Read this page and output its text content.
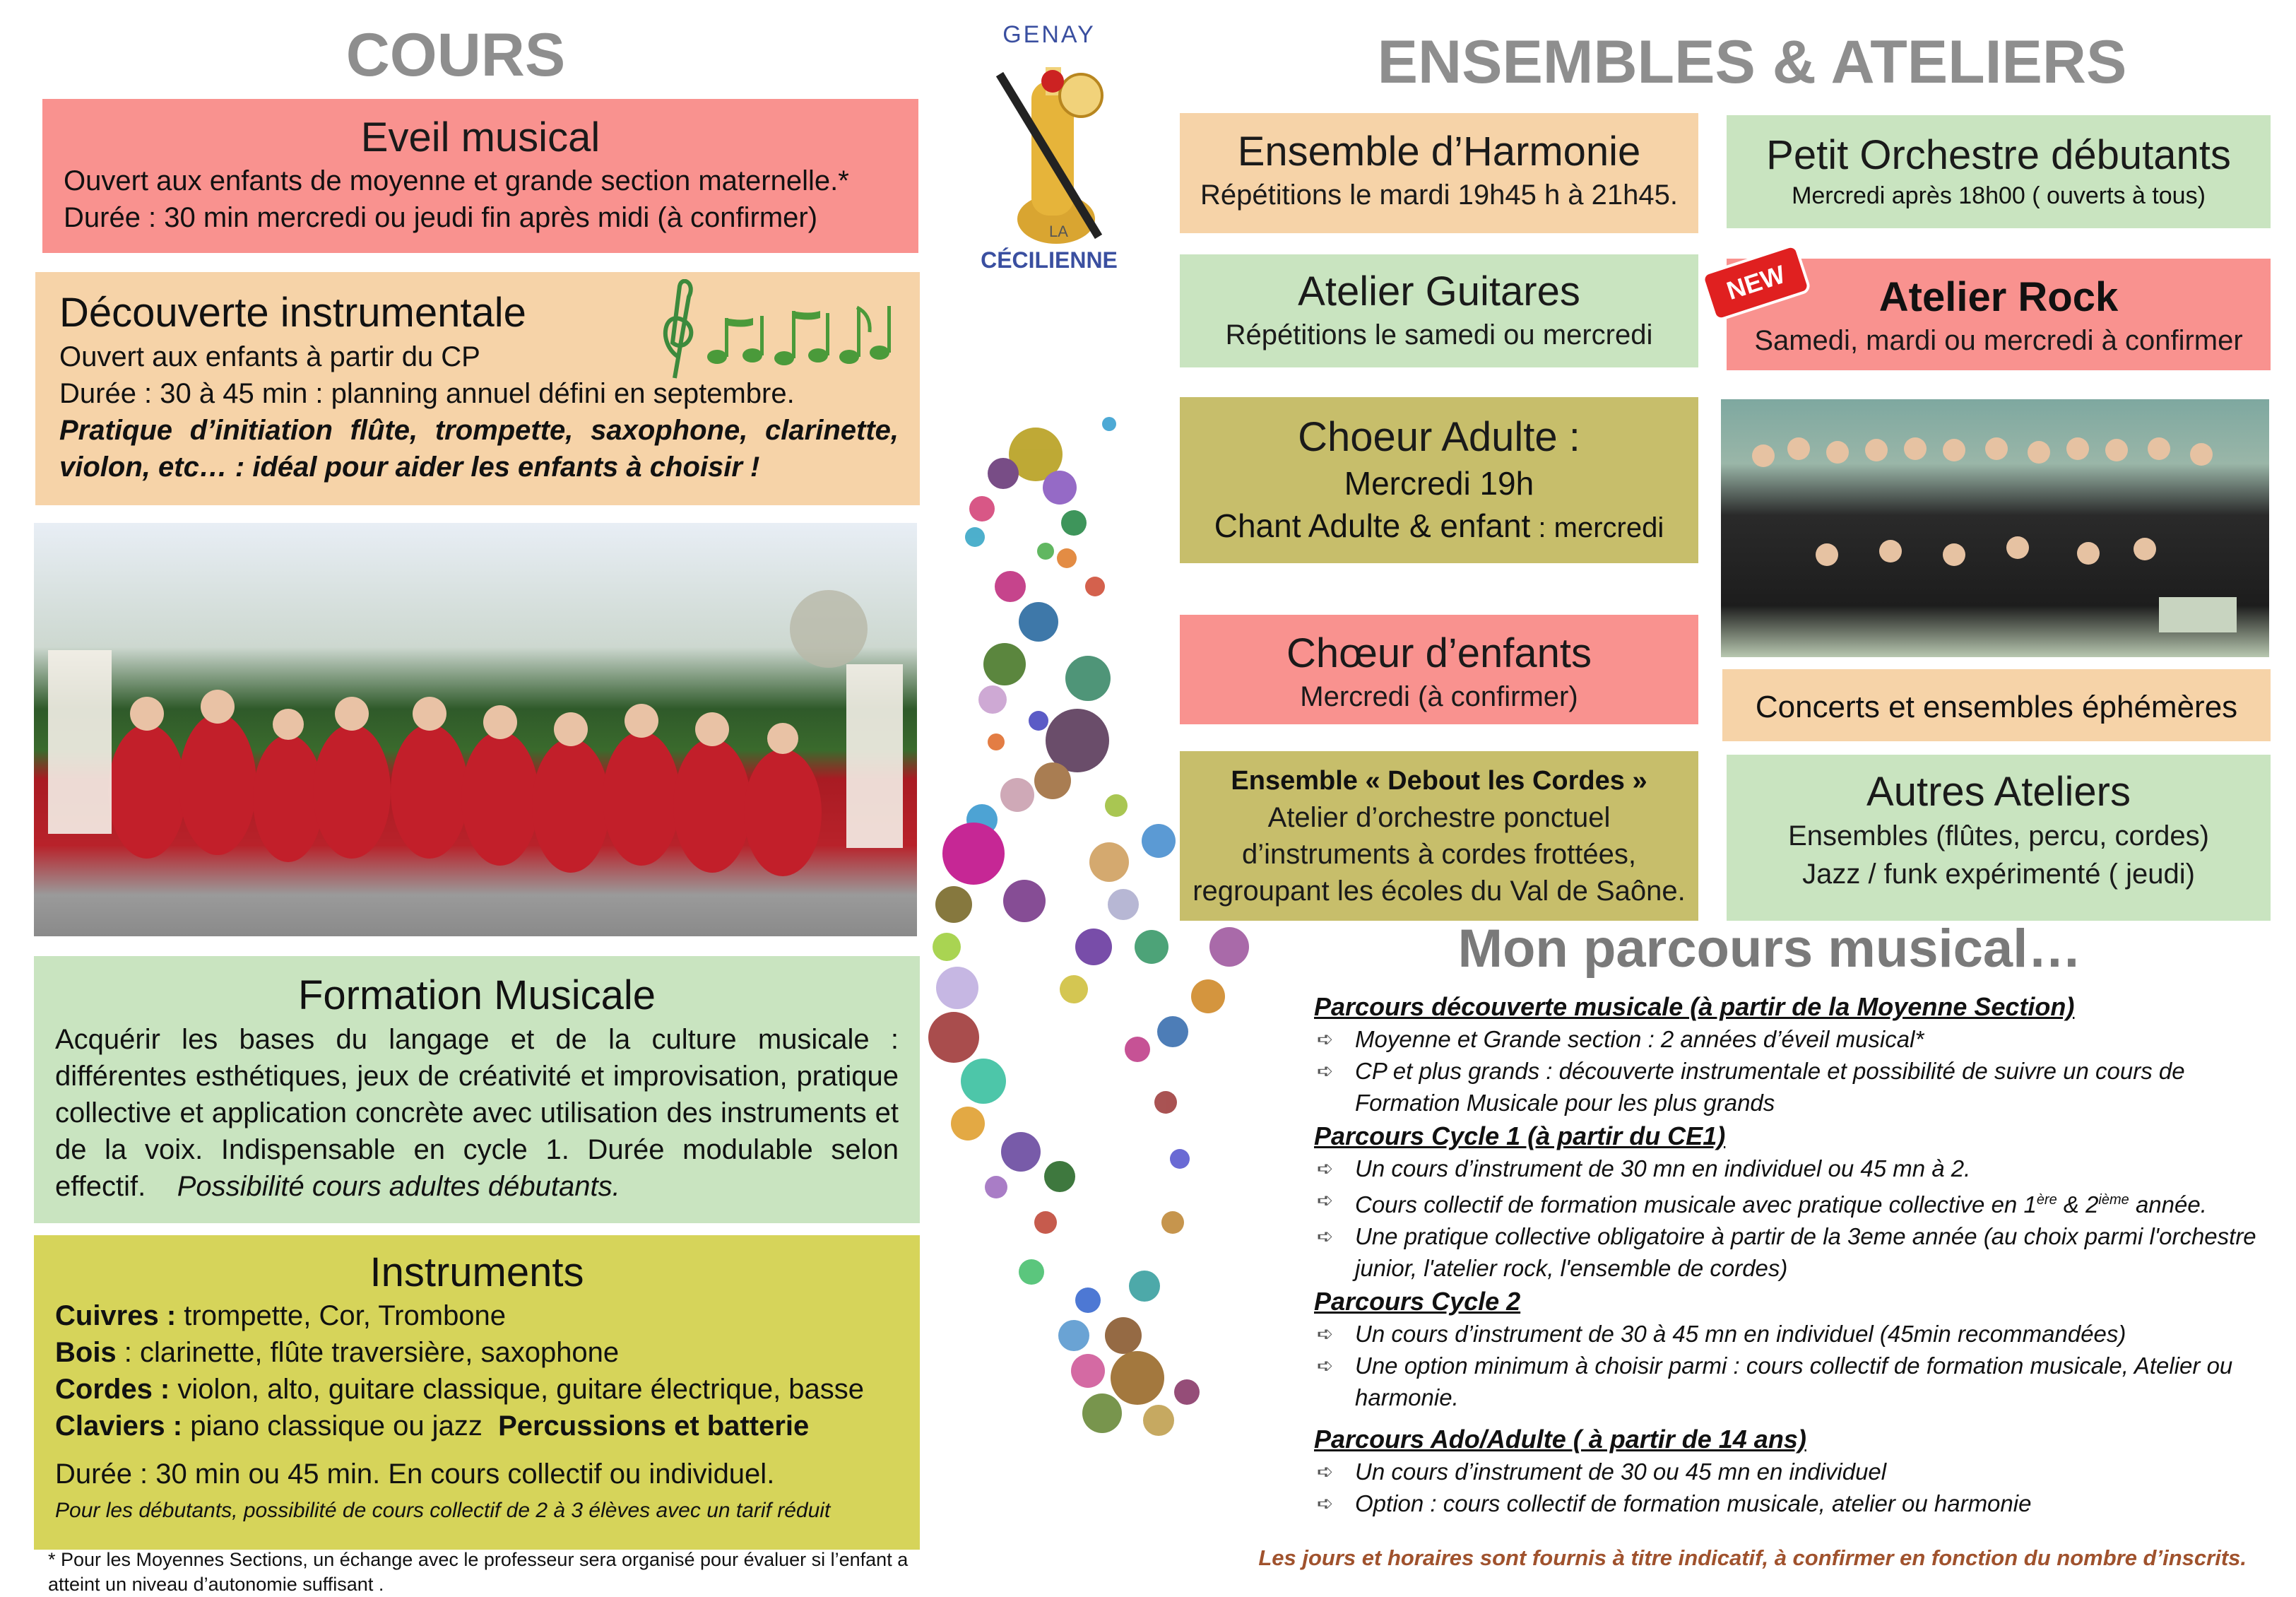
COURS
Eveil musical
Ouvert aux enfants de moyenne et grande section maternelle.*
Durée : 30 min mercredi ou jeudi fin après midi (à confirmer)
Découverte instrumentale
Ouvert aux enfants à partir du CP
Durée : 30 à 45 min : planning annuel défini en septembre.
Pratique d’initiation flûte, trompette, saxophone, clarinette, violon, etc… : idéal pour aider les enfants à choisir !
Formation Musicale
Acquérir les bases du langage et de la culture musicale : différentes esthétiques, jeux de créativité et improvisation, pratique collective et application concrète avec utilisation des instruments et de la voix. Indispensable en cycle 1. Durée modulable selon effectif. Possibilité cours adultes débutants.
Instruments
Cuivres : trompette, Cor, Trombone
Bois : clarinette, flûte traversière, saxophone
Cordes : violon, alto, guitare classique, guitare électrique, basse
Claviers : piano classique ou jazz Percussions et batterie
Durée : 30 min ou 45 min. En cours collectif ou individuel.
Pour les débutants, possibilité de cours collectif de 2 à 3 élèves avec un tarif réduit
* Pour les Moyennes Sections, un échange avec le professeur sera organisé pour évaluer si l’enfant a atteint un niveau d’autonomie suffisant .
GENAY
LA
CÉCILIENNE
ENSEMBLES & ATELIERS
Ensemble d’Harmonie
Répétitions le mardi 19h45 h à 21h45.
Petit Orchestre débutants
Mercredi après 18h00 ( ouverts à tous)
Atelier Guitares
Répétitions le samedi ou mercredi
Atelier Rock
Samedi, mardi ou mercredi à confirmer
NEW
Choeur Adulte :
Mercredi 19h
Chant Adulte & enfant : mercredi
Chœur d’enfants
Mercredi (à confirmer)	Concerts et ensembles éphémères
Ensemble « Debout les Cordes »
Atelier d’orchestre ponctuel
d’instruments à cordes frottées,
regroupant les écoles du Val de Saône.
Autres Ateliers
Ensembles (flûtes, percu, cordes)
Jazz / funk expérimenté ( jeudi)
Mon parcours musical…
Parcours découverte musicale (à partir de la Moyenne Section)
➪ Moyenne et Grande section : 2 années d’éveil musical*
➪ CP et plus grands : découverte instrumentale et possibilité de suivre un cours de Formation Musicale pour les plus grands
Parcours Cycle 1 (à partir du CE1)
➪ Un cours d’instrument de 30 mn en individuel ou 45 mn à 2.
➪ Cours collectif de formation musicale avec pratique collective en 1ère & 2ième année.
➪ Une pratique collective obligatoire à partir de la 3eme année (au choix parmi l'orchestre junior, l'atelier rock, l'ensemble de cordes)
Parcours Cycle 2
➪ Un cours d’instrument de 30 à 45 mn en individuel (45min recommandées)
➪ Une option minimum à choisir parmi : cours collectif de formation musicale, Atelier ou harmonie.
Parcours Ado/Adulte ( à partir de 14 ans)
➪ Un cours d’instrument de 30 ou 45 mn en individuel
➪ Option : cours collectif de formation musicale, atelier ou harmonie
Les jours et horaires sont fournis à titre indicatif, à confirmer en fonction du nombre d’inscrits.
